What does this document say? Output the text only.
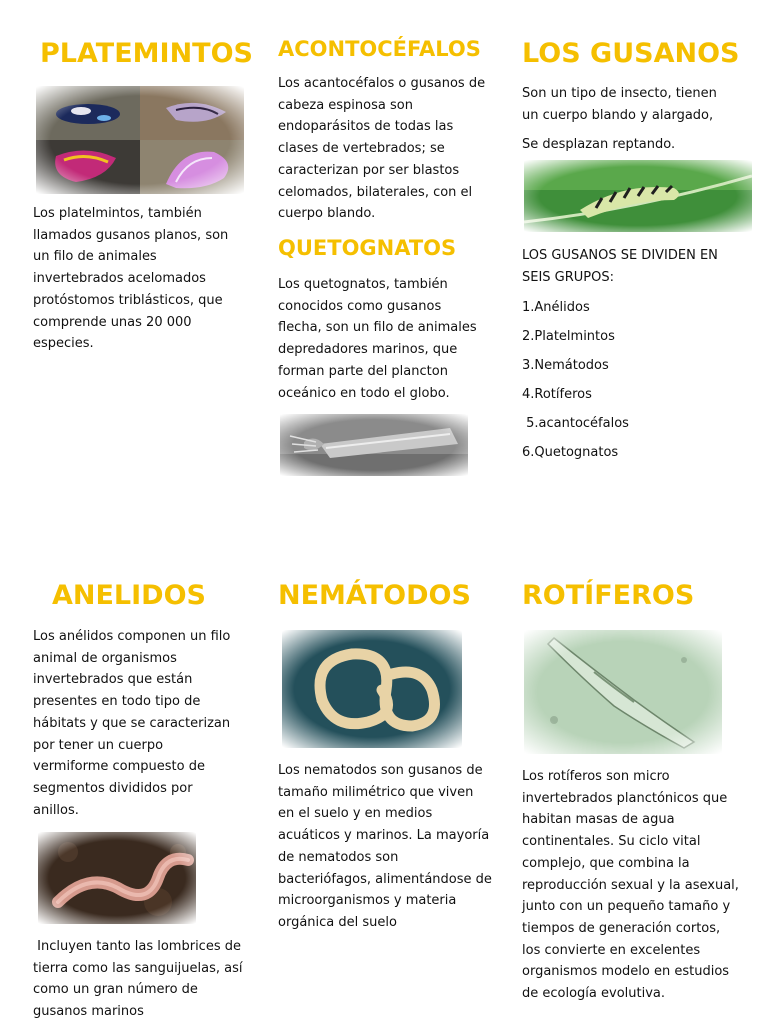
PLATEMINTOS
Los platelmintos, también llamados gusanos planos, son un filo de animales invertebrados acelomados protóstomos triblásticos, que comprende unas 20 000 especies.
ACONTOCÉFALOS
Los acantocéfalos o gusanos de cabeza espinosa son endoparásitos de todas las clases de vertebrados; se caracterizan por ser blastos celomados, bilaterales, con el cuerpo blando.
QUETOGNATOS
Los quetognatos, también conocidos como gusanos flecha, son un filo de animales depredadores marinos, que forman parte del plancton oceánico en todo el globo.
LOS GUSANOS
Son un tipo de insecto, tienen un cuerpo blando y alargado,
Se desplazan reptando.
LOS GUSANOS SE DIVIDEN EN SEIS GRUPOS:
1.Anélidos
2.Platelmintos
3.Nemátodos
4.Rotíferos
5.acantocéfalos
6.Quetognatos
ANELIDOS
Los anélidos componen un filo animal de organismos invertebrados que están presentes en todo tipo de hábitats y que se caracterizan por tener un cuerpo vermiforme compuesto de segmentos divididos por anillos.
Incluyen tanto las lombrices de tierra como las sanguijuelas, así como un gran número de gusanos marinos
NEMÁTODOS
Los nematodos son gusanos de tamaño milimétrico que viven en el suelo y en medios acuáticos y marinos. La mayoría de nematodos son bacteriófagos, alimentándose de microorganismos y materia orgánica del suelo
ROTÍFEROS
Los rotíferos son micro invertebrados planctónicos que habitan masas de agua continentales. Su ciclo vital complejo, que combina la reproducción sexual y la asexual, junto con un pequeño tamaño y tiempos de generación cortos, los convierte en excelentes organismos modelo en estudios de ecología evolutiva.
